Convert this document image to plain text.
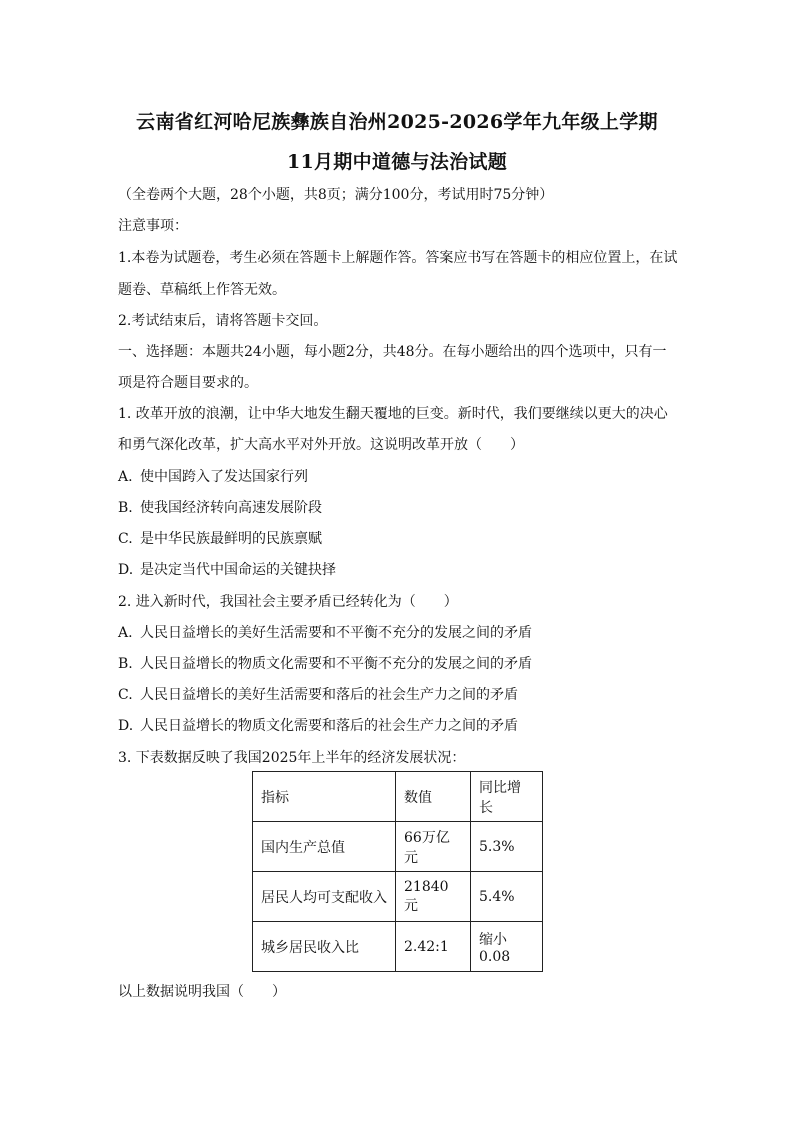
云南省红河哈尼族彝族自治州2025-2026学年九年级上学期
11月期中道德与法治试题
（全卷两个大题，28个小题，共8页；满分100分，考试用时75分钟）
注意事项：
1.本卷为试题卷，考生必须在答题卡上解题作答。答案应书写在答题卡的相应位置上，在试
题卷、草稿纸上作答无效。
2.考试结束后，请将答题卡交回。
一、选择题：本题共24小题，每小题2分，共48分。在每小题给出的四个选项中，只有一
项是符合题目要求的。
1. 改革开放的浪潮，让中华大地发生翻天覆地的巨变。新时代，我们要继续以更大的决心
和勇气深化改革，扩大高水平对外开放。这说明改革开放（　　）
A. 使中国跨入了发达国家行列
B. 使我国经济转向高速发展阶段
C. 是中华民族最鲜明的民族禀赋
D. 是决定当代中国命运的关键抉择
2. 进入新时代，我国社会主要矛盾已经转化为（　　）
A. 人民日益增长的美好生活需要和不平衡不充分的发展之间的矛盾
B. 人民日益增长的物质文化需要和不平衡不充分的发展之间的矛盾
C. 人民日益增长的美好生活需要和落后的社会生产力之间的矛盾
D. 人民日益增长的物质文化需要和落后的社会生产力之间的矛盾
3. 下表数据反映了我国2025年上半年的经济发展状况：
指标	数值	同比增长
国内生产总值	66万亿元	5.3%
居民人均可支配收入	21840元	5.4%
城乡居民收入比	2.42:1	缩小0.08
以上数据说明我国（　　）
